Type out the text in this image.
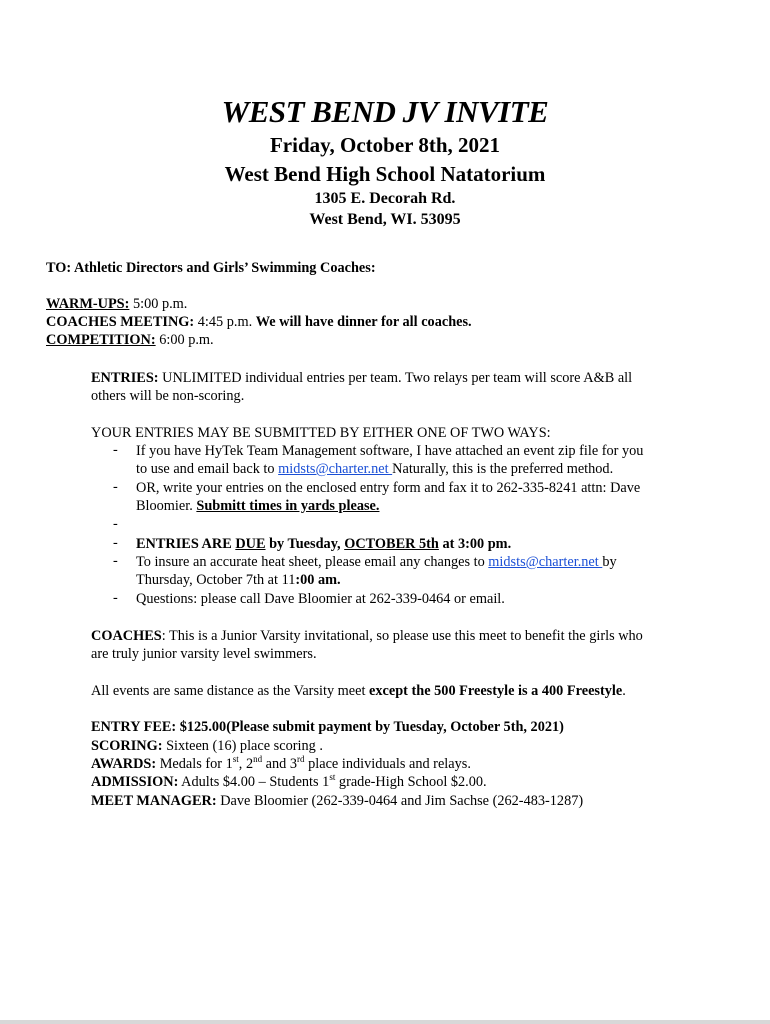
WEST BEND JV INVITE
Friday, October 8th, 2021
West Bend High School Natatorium
1305 E. Decorah Rd.
West Bend, WI. 53095
TO: Athletic Directors and Girls’ Swimming Coaches:
WARM-UPS: 5:00 p.m.
COACHES MEETING: 4:45 p.m. We will have dinner for all coaches.
COMPETITION: 6:00 p.m.
ENTRIES: UNLIMITED individual entries per team. Two relays per team will score A&B all
others will be non-scoring.
YOUR ENTRIES MAY BE SUBMITTED BY EITHER ONE OF TWO WAYS:
- If you have HyTek Team Management software, I have attached an event zip file for you
to use and email back to midsts@charter.net Naturally, this is the preferred method.
- OR, write your entries on the enclosed entry form and fax it to 262-335-8241 attn: Dave
Bloomier. Submitt times in yards please.
-
- ENTRIES ARE DUE by Tuesday, OCTOBER 5th at 3:00 pm.
- To insure an accurate heat sheet, please email any changes to midsts@charter.net by
Thursday, October 7th at 11:00 am.
- Questions: please call Dave Bloomier at 262-339-0464 or email.
COACHES: This is a Junior Varsity invitational, so please use this meet to benefit the girls who
are truly junior varsity level swimmers.
All events are same distance as the Varsity meet except the 500 Freestyle is a 400 Freestyle.
ENTRY FEE: $125.00(Please submit payment by Tuesday, October 5th, 2021)
SCORING: Sixteen (16) place scoring .
AWARDS: Medals for 1st, 2nd and 3rd place individuals and relays.
ADMISSION: Adults $4.00 – Students 1st grade-High School $2.00.
MEET MANAGER: Dave Bloomier (262-339-0464 and Jim Sachse (262-483-1287)
